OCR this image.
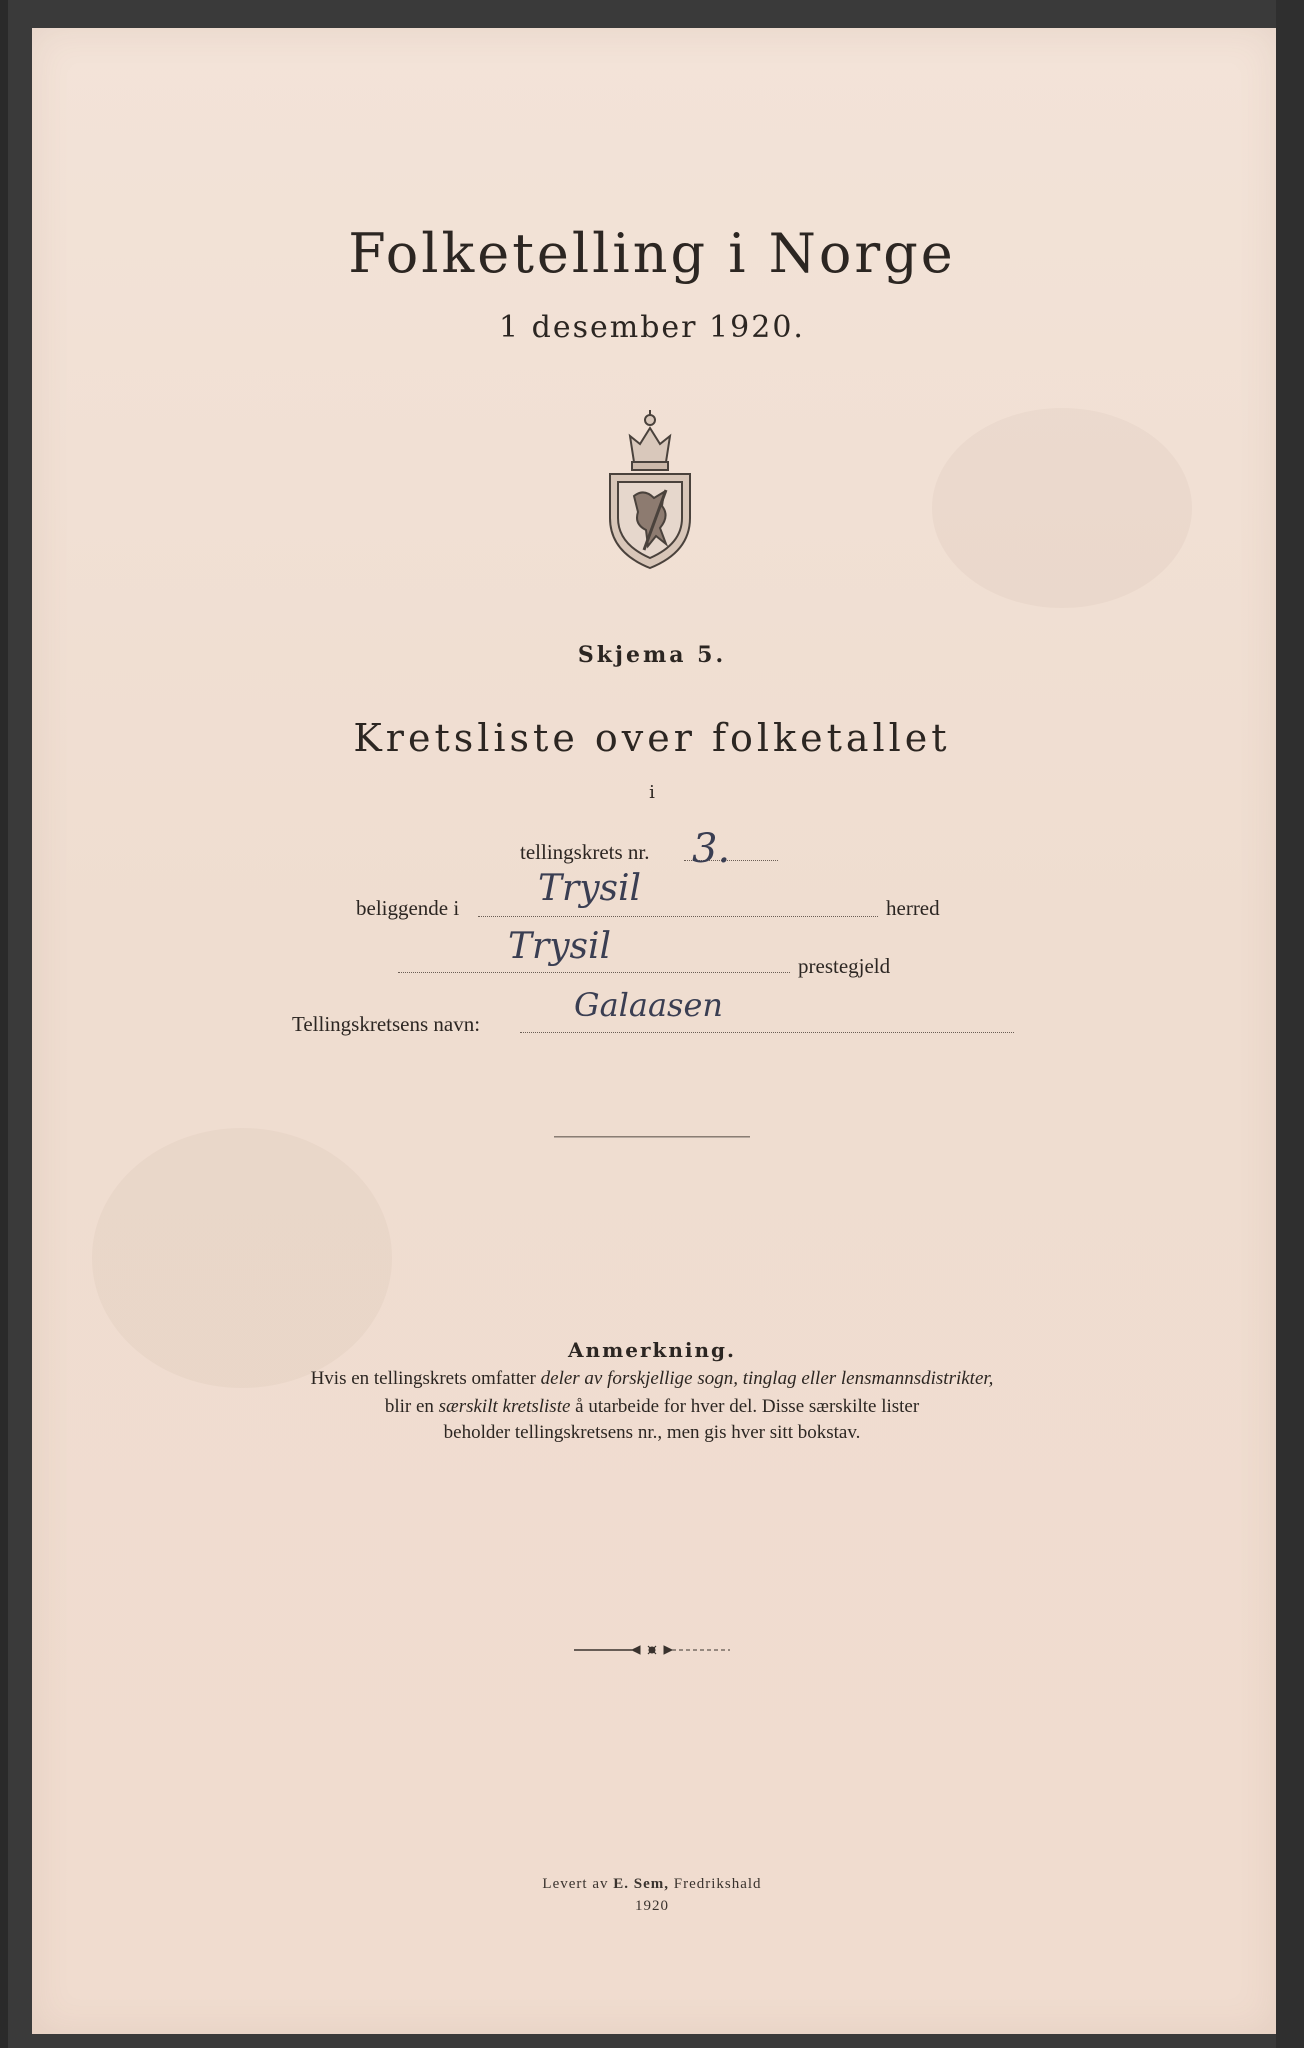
Folketelling i Norge
1 desember 1920.
Skjema 5.
Kretsliste over folketallet
i
tellingskrets nr. 3.
beliggende i Trysil	herred
Trysil	prestegjeld
Tellingskretsens navn:	Galaasen
Anmerkning.
Hvis en tellingskrets omfatter deler av forskjellige sogn, tinglag eller lensmannsdistrikter,
blir en særskilt kretsliste å utarbeide for hver del. Disse særskilte lister
beholder tellingskretsens nr., men gis hver sitt bokstav.
Levert av E. Sem, Fredrikshald
1920
